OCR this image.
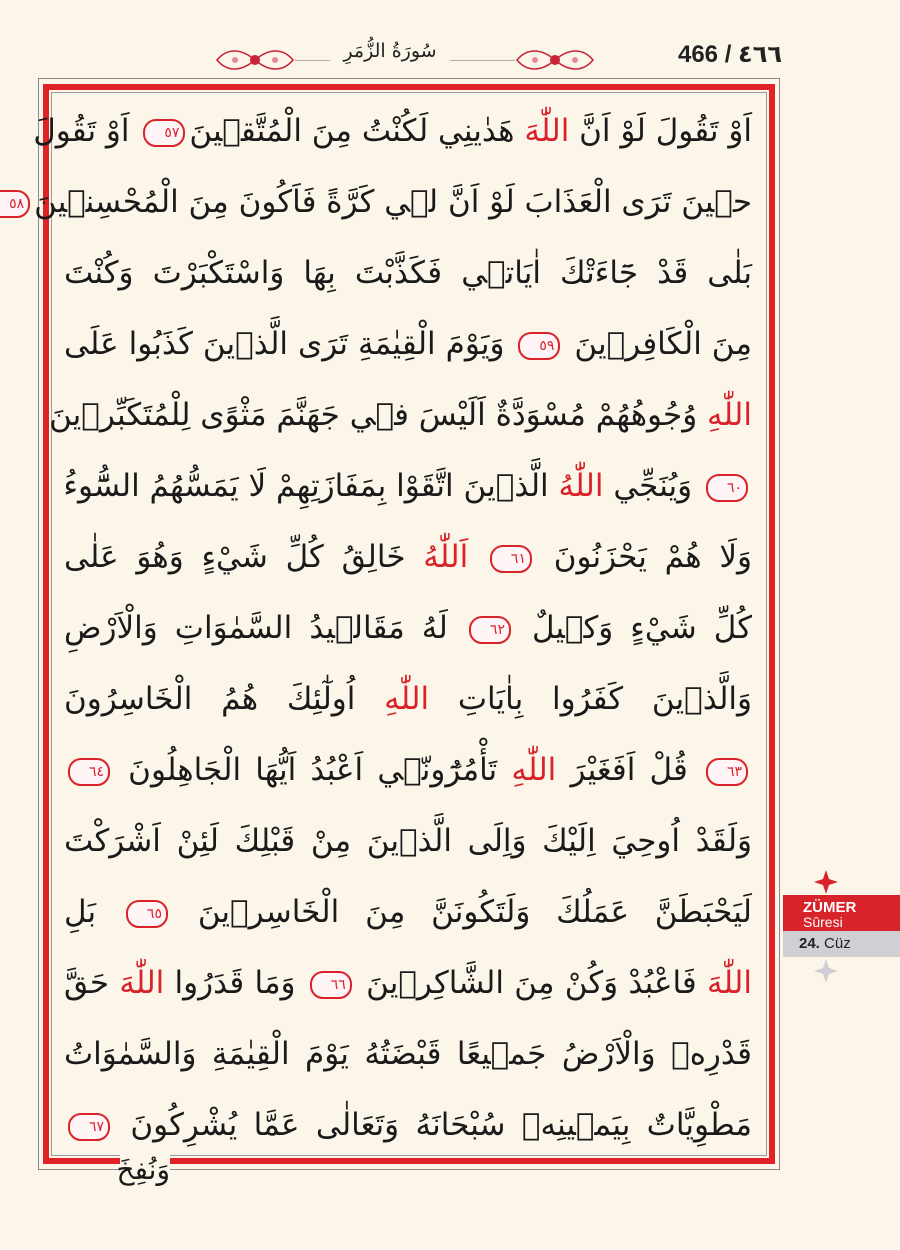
سُورَةُ الزُّمَرِ	466 / ٤٦٦
اَوْ تَقُولَ لَوْ اَنَّ اللّٰهَ هَدٰينِي لَكُنْتُ مِنَ الْمُتَّقٖينَ٥٧ اَوْ تَقُولَ
حٖينَ تَرَى الْعَذَابَ لَوْ اَنَّ لٖي كَرَّةً فَاَكُونَ مِنَ الْمُحْسِنٖينَ٥٨
بَلٰى قَدْ جَٓاءَتْكَ اٰيَاتٖي فَكَذَّبْتَ بِهَا وَاسْتَكْبَرْتَ وَكُنْتَ
مِنَ الْكَافِرٖينَ ٥٩ وَيَوْمَ الْقِيٰمَةِ تَرَى الَّذٖينَ كَذَبُوا عَلَى
اللّٰهِ وُجُوهُهُمْ مُسْوَدَّةٌ اَلَيْسَ فٖي جَهَنَّمَ مَثْوًى لِلْمُتَكَبِّرٖينَ
٦٠ وَيُنَجِّي اللّٰهُ الَّذٖينَ اتَّقَوْا بِمَفَازَتِهِمْ لَا يَمَسُّهُمُ السُّٓوءُ
وَلَا هُمْ يَحْزَنُونَ ٦١ اَللّٰهُ خَالِقُ كُلِّ شَيْءٍ وَهُوَ عَلٰى
كُلِّ شَيْءٍ وَكٖيلٌ ٦٢ لَهُ مَقَالٖيدُ السَّمٰوَاتِ وَالْاَرْضِ
وَالَّذٖينَ كَفَرُوا بِاٰيَاتِ اللّٰهِ اُولٰٓئِكَ هُمُ الْخَاسِرُونَ
٦٣ قُلْ اَفَغَيْرَ اللّٰهِ تَأْمُرُٓونّٖي اَعْبُدُ اَيُّهَا الْجَاهِلُونَ ٦٤
وَلَقَدْ اُوحِيَ اِلَيْكَ وَاِلَى الَّذٖينَ مِنْ قَبْلِكَ لَئِنْ اَشْرَكْتَ
لَيَحْبَطَنَّ عَمَلُكَ وَلَتَكُونَنَّ مِنَ الْخَاسِرٖينَ ٦٥ بَلِ
اللّٰهَ فَاعْبُدْ وَكُنْ مِنَ الشَّاكِرٖينَ ٦٦ وَمَا قَدَرُوا اللّٰهَ حَقَّ
قَدْرِهٖ وَالْاَرْضُ جَمٖيعًا قَبْضَتُهُ يَوْمَ الْقِيٰمَةِ وَالسَّمٰوَاتُ
مَطْوِيَّاتٌ بِيَمٖينِهٖ سُبْحَانَهُ وَتَعَالٰى عَمَّا يُشْرِكُونَ ٦٧
وَنُفِخَ
ZÜMER
Sûresi
24. Cüz
